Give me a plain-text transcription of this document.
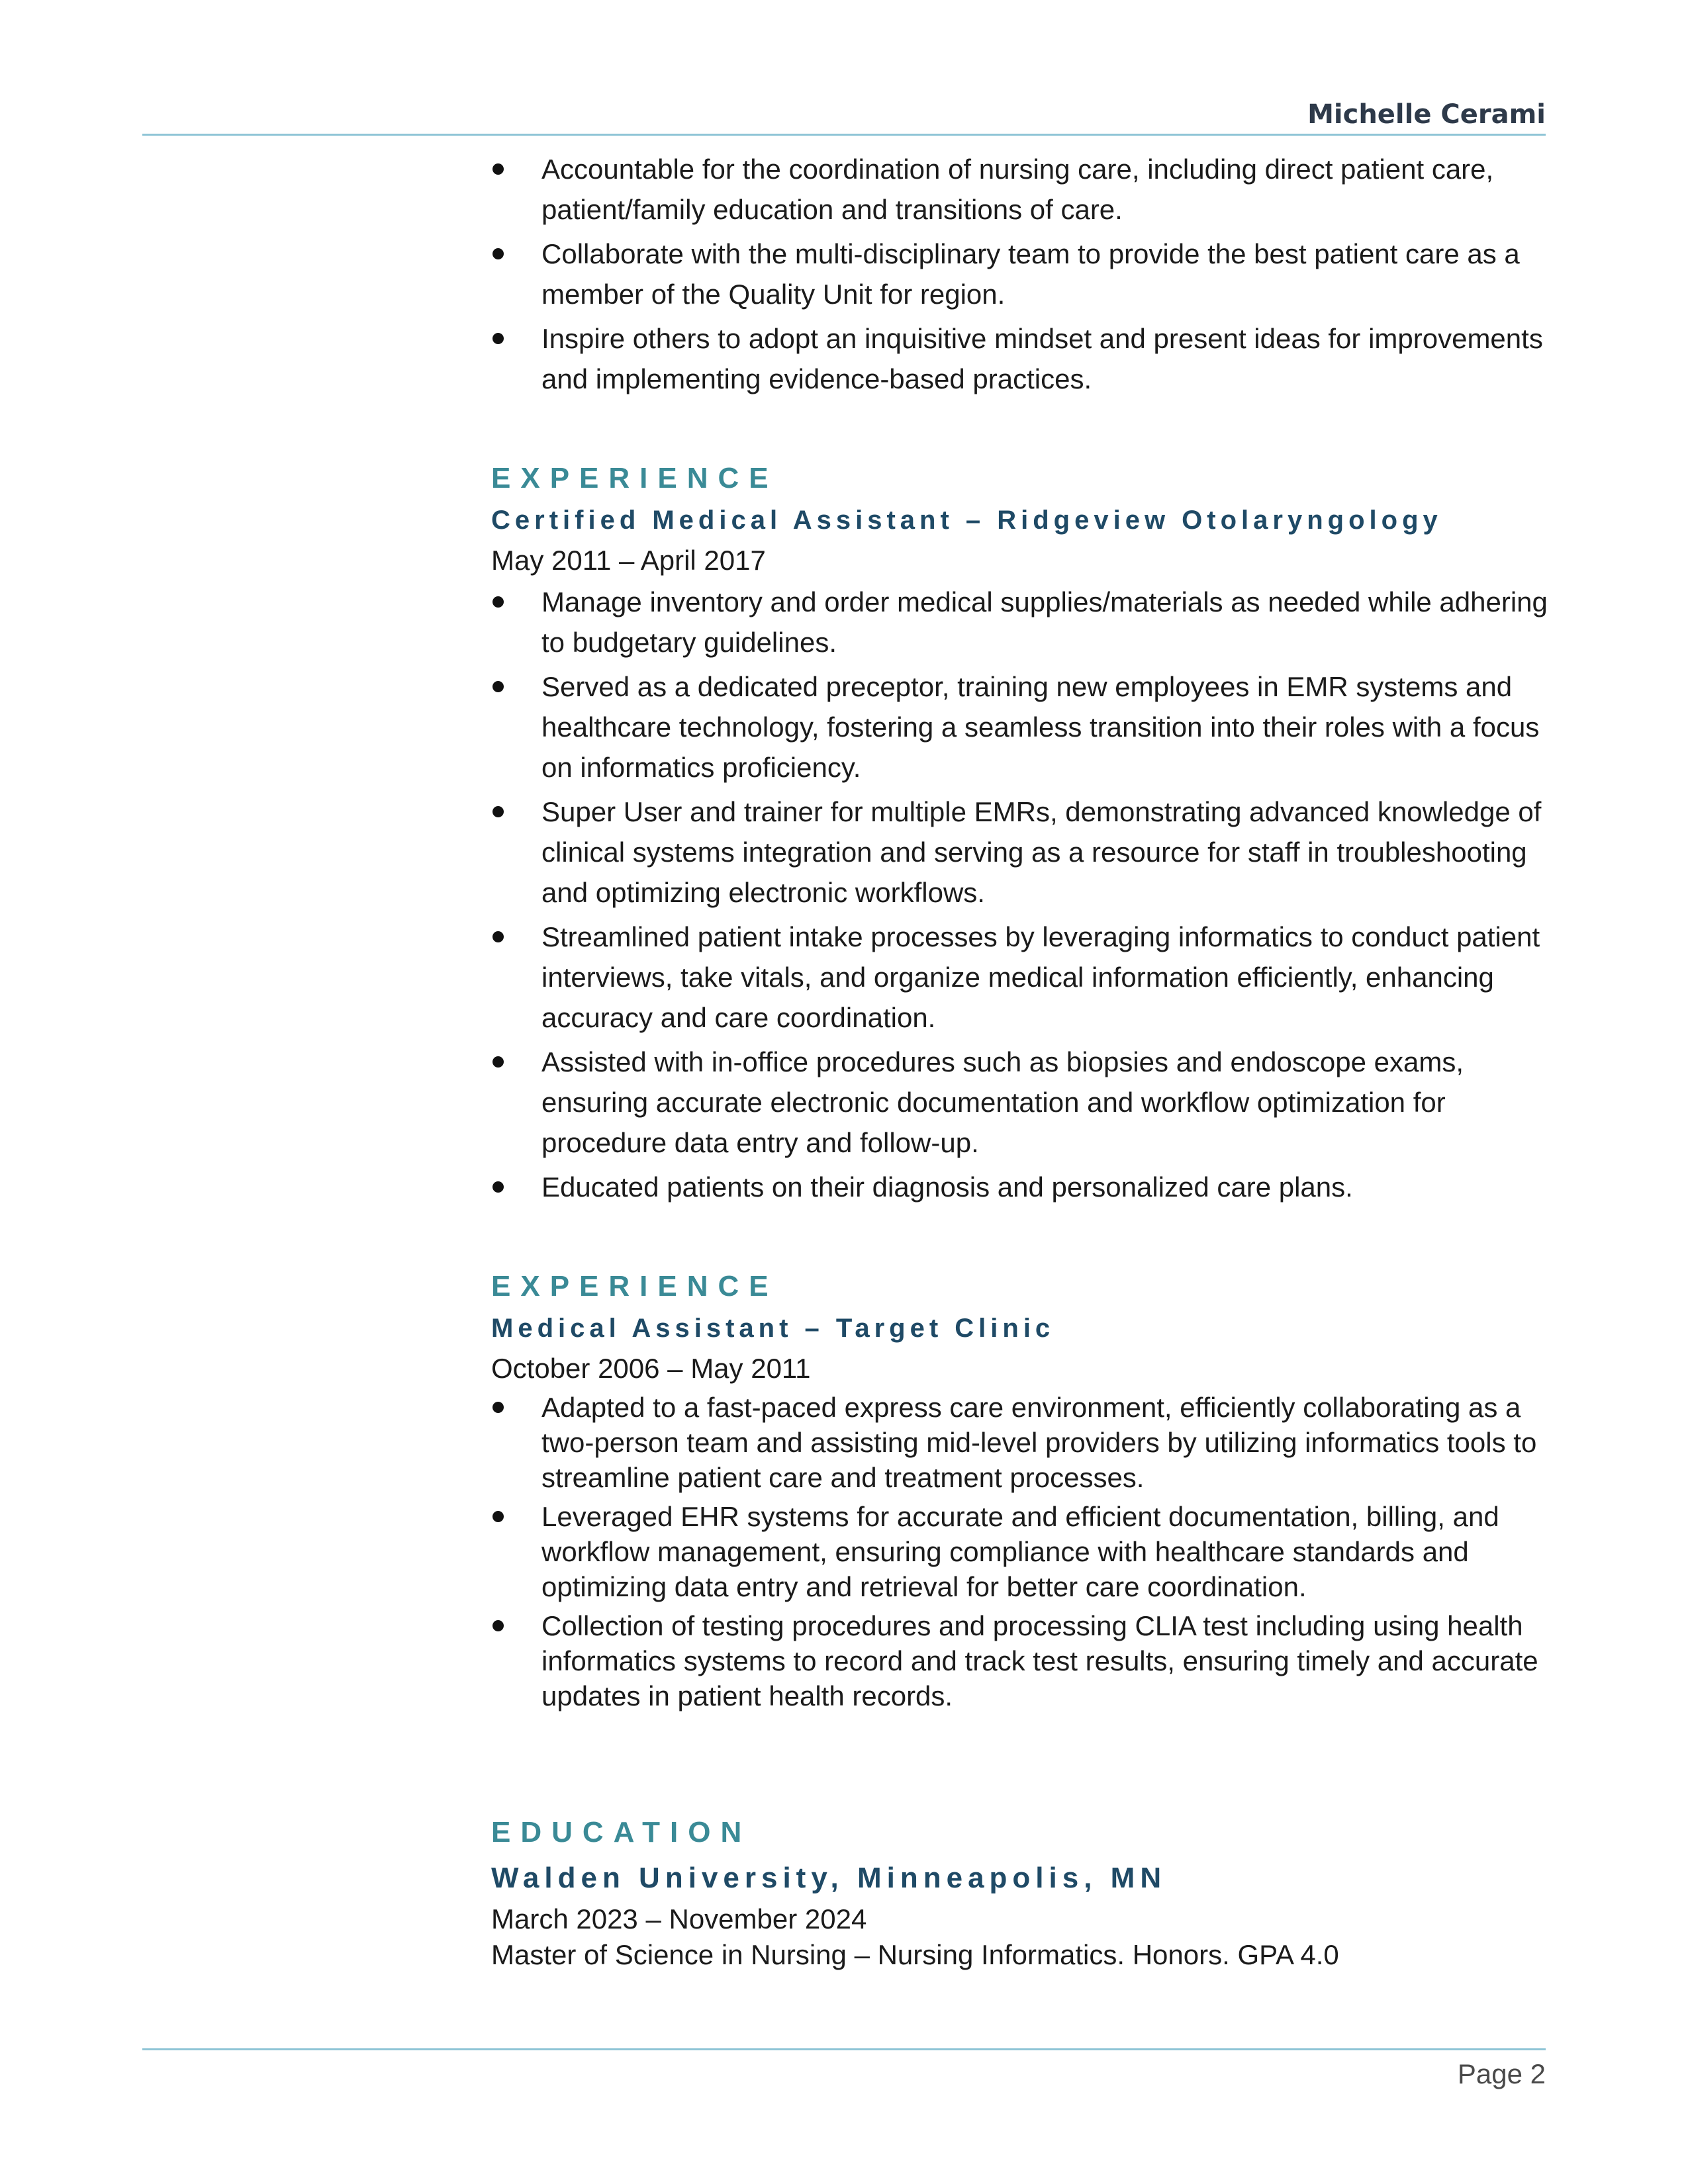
Michelle Cerami
Accountable for the coordination of nursing care, including direct patient care, patient/family education and transitions of care.
Collaborate with the multi-disciplinary team to provide the best patient care as a member of the Quality Unit for region.
Inspire others to adopt an inquisitive mindset and present ideas for improvements and implementing evidence-based practices.
EXPERIENCE
Certified Medical Assistant – Ridgeview Otolaryngology
May 2011 – April 2017
Manage inventory and order medical supplies/materials as needed while adhering to budgetary guidelines.
Served as a dedicated preceptor, training new employees in EMR systems and healthcare technology, fostering a seamless transition into their roles with a focus on informatics proficiency.
Super User and trainer for multiple EMRs, demonstrating advanced knowledge of clinical systems integration and serving as a resource for staff in troubleshooting and optimizing electronic workflows.
Streamlined patient intake processes by leveraging informatics to conduct patient interviews, take vitals, and organize medical information efficiently, enhancing accuracy and care coordination.
Assisted with in-office procedures such as biopsies and endoscope exams, ensuring accurate electronic documentation and workflow optimization for procedure data entry and follow-up.
Educated patients on their diagnosis and personalized care plans.
EXPERIENCE
Medical Assistant – Target Clinic
October 2006 – May 2011
Adapted to a fast-paced express care environment, efficiently collaborating as a two-person team and assisting mid-level providers by utilizing informatics tools to streamline patient care and treatment processes.
Leveraged EHR systems for accurate and efficient documentation, billing, and workflow management, ensuring compliance with healthcare standards and optimizing data entry and retrieval for better care coordination.
Collection of testing procedures and processing CLIA test including using health informatics systems to record and track test results, ensuring timely and accurate updates in patient health records.
EDUCATION
Walden University, Minneapolis, MN
March 2023 – November 2024
Master of Science in Nursing – Nursing Informatics. Honors. GPA 4.0
Page 2
